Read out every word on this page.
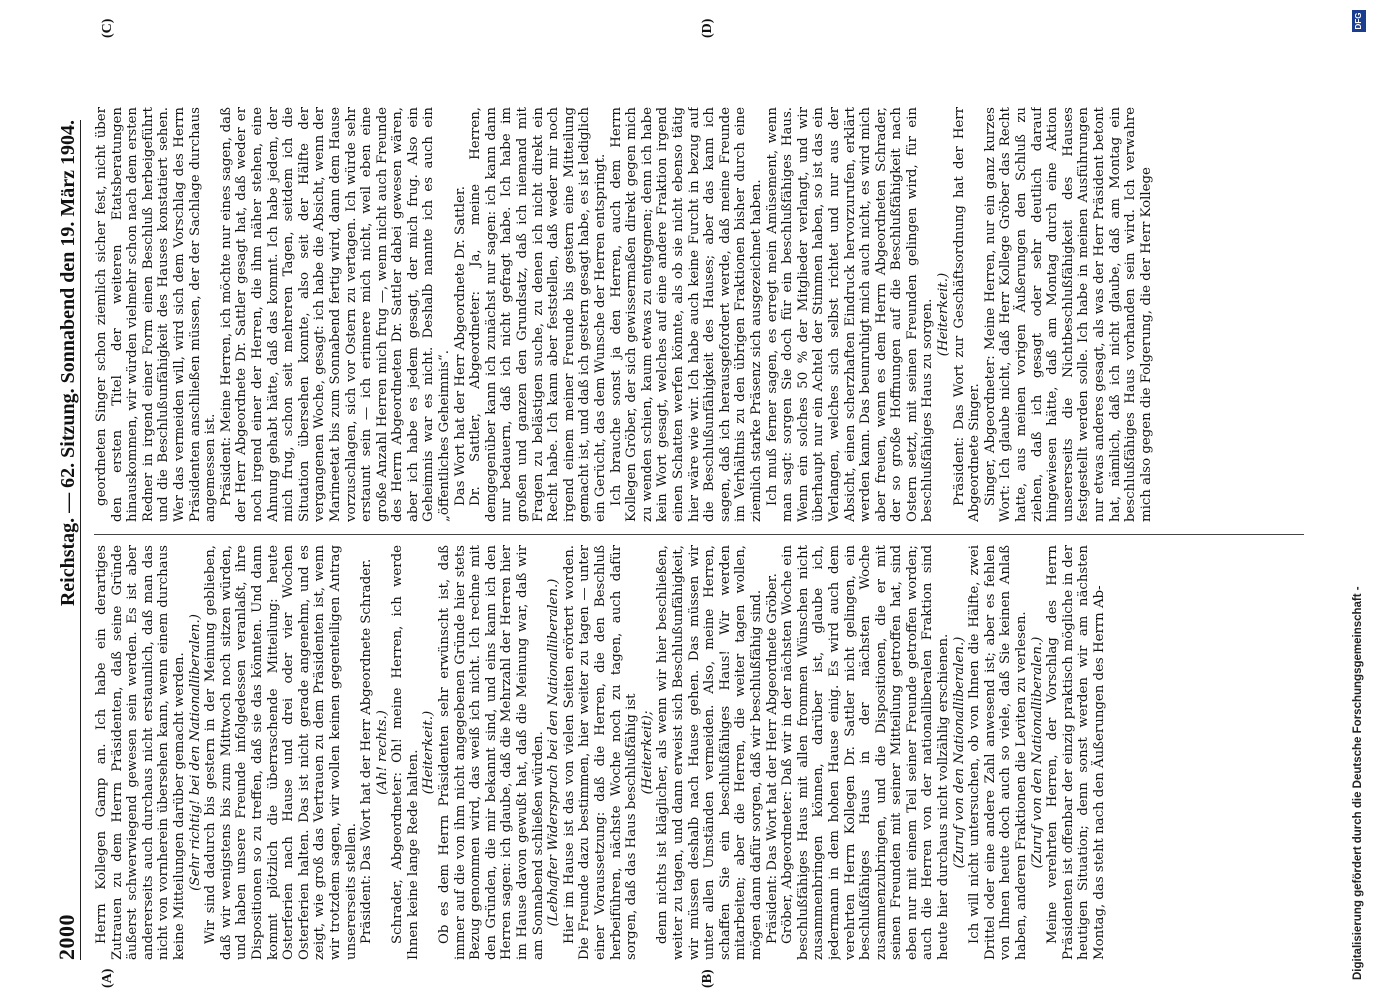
2000
Reichstag. — 62. Sitzung. Sonnabend den 19. März 1904.
(A)	(B)
(C)	(D)

Herrn Kollegen Gamp an. Ich habe ein derartiges Zutrauen zu dem Herrn Präsidenten, daß seine Gründe äußerst schwerwiegend gewesen sein werden. Es ist aber andererseits auch durchaus nicht erstaunlich, daß man das nicht von vornherein übersehen kann, wenn einem durchaus keine Mitteilungen darüber gemacht werden. (Sehr richtig! bei den Nationalliberalen.) Wir sind dadurch bis gestern in der Meinung geblieben, daß wir wenigstens bis zum Mittwoch noch sitzen würden, und haben unsere Freunde infolgedessen veranlaßt, ihre Dispositionen so zu treffen, daß sie das könnten. Und dann kommt plötzlich die überraschende Mitteilung: heute Osterferien nach Hause und drei oder vier Wochen Osterferien halten. Das ist nicht gerade angenehm, und es zeigt, wie groß das Vertrauen zu dem Präsidenten ist, wenn wir trotzdem sagen, wir wollen keinen gegenteiligen Antrag unsererseits stellen. Präsident: Das Wort hat der Herr Abgeordnete Schrader. (Ah! rechts.) Schrader, Abgeordneter: Oh! meine Herren, ich werde Ihnen keine lange Rede halten. (Heiterkeit.) Ob es dem Herrn Präsidenten sehr erwünscht ist, daß immer auf die von ihm nicht angegebenen Gründe hier stets Bezug genommen wird, das weiß ich nicht. Ich rechne mit den Gründen, die mir bekannt sind, und eins kann ich den Herren sagen: ich glaube, daß die Mehrzahl der Herren hier im Hause davon gewußt hat, daß die Meinung war, daß wir am Sonnabend schließen würden. (Lebhafter Widerspruch bei den Nationalliberalen.) Hier im Hause ist das von vielen Seiten erörtert worden. Die Freunde dazu bestimmen, hier weiter zu tagen — unter einer Voraussetzung: daß die Herren, die den Beschluß herbeiführen, nächste Woche noch zu tagen, auch dafür sorgen, daß das Haus beschlußfähig ist (Heiterkeit); denn nichts ist kläglicher, als wenn wir hier beschließen, weiter zu tagen, und dann erweist sich Beschlußunfähigkeit, wir müssen deshalb nach Hause gehen. Das müssen wir unter allen Umständen vermeiden. Also, meine Herren, schaffen Sie ein beschlußfähiges Haus! Wir werden mitarbeiten; aber die Herren, die weiter tagen wollen, mögen dann dafür sorgen, daß wir beschlußfähig sind. Präsident: Das Wort hat der Herr Abgeordnete Gröber. Gröber, Abgeordneter: Daß wir in der nächsten Woche ein beschlußfähiges Haus mit allen frommen Wünschen nicht zusammenbringen können, darüber ist, glaube ich, jedermann in dem hohen Hause einig. Es wird auch dem verehrten Herrn Kollegen Dr. Sattler nicht gelingen, ein beschlußfähiges Haus in der nächsten Woche zusammenzubringen, und die Dispositionen, die er mit seinen Freunden mit seiner Mitteilung getroffen hat, sind eben nur mit einem Teil seiner Freunde getroffen worden; auch die Herren von der nationalliberalen Fraktion sind heute hier durchaus nicht vollzählig erschienen. (Zuruf von den Nationalliberalen.) Ich will nicht untersuchen, ob von Ihnen die Hälfte, zwei Drittel oder eine andere Zahl anwesend ist; aber es fehlen von Ihnen heute doch auch so viele, daß Sie keinen Anlaß haben, anderen Fraktionen die Leviten zu verlesen. (Zuruf von den Nationalliberalen.) Meine verehrten Herren, der Vorschlag des Herrn Präsidenten ist offenbar der einzig praktisch mögliche in der heutigen Situation; denn sonst werden wir am nächsten Montag, das steht nach den Äußerungen des Herrn Ab-

geordneten Singer schon ziemlich sicher fest, nicht über den ersten Titel der weiteren Etatsberatungen hinauskommen, wir würden vielmehr schon nach dem ersten Redner in irgend einer Form einen Beschluß herbeigeführt und die Beschlußunfähigkeit des Hauses konstatiert sehen. Wer das vermeiden will, wird sich dem Vorschlag des Herrn Präsidenten anschließen müssen, der der Sachlage durchaus angemessen ist. Präsident: Meine Herren, ich möchte nur eines sagen, daß der Herr Abgeordnete Dr. Sattler gesagt hat, daß weder er noch irgend einer der Herren, die ihm näher stehen, eine Ahnung gehabt hätte, daß das kommt. Ich habe jedem, der mich frug, schon seit mehreren Tagen, seitdem ich die Situation übersehen konnte, also seit der Hälfte der vergangenen Woche, gesagt: ich habe die Absicht, wenn der Marineetat bis zum Sonnabend fertig wird, dann dem Hause vorzuschlagen, sich vor Ostern zu vertagen. Ich würde sehr erstaunt sein — ich erinnere mich nicht, weil eben eine große Anzahl Herren mich frug —, wenn nicht auch Freunde des Herrn Abgeordneten Dr. Sattler dabei gewesen wären, aber ich habe es jedem gesagt, der mich frug. Also ein Geheimnis war es nicht. Deshalb nannte ich es auch ein „öffentliches Geheimnis“. Das Wort hat der Herr Abgeordnete Dr. Sattler. Dr. Sattler, Abgeordneter: Ja, meine Herren, demgegenüber kann ich zunächst nur sagen: ich kann dann nur bedauern, daß ich nicht gefragt habe. Ich habe im großen und ganzen den Grundsatz, daß ich niemand mit Fragen zu belästigen suche, zu denen ich nicht direkt ein Recht habe. Ich kann aber feststellen, daß weder mir noch irgend einem meiner Freunde bis gestern eine Mitteilung gemacht ist, und daß ich gestern gesagt habe, es ist lediglich ein Gerücht, das dem Wunsche der Herren entspringt. Ich brauche sonst ja den Herren, auch dem Herrn Kollegen Gröber, der sich gewissermaßen direkt gegen mich zu wenden schien, kaum etwas zu entgegnen; denn ich habe kein Wort gesagt, welches auf eine andere Fraktion irgend einen Schatten werfen könnte, als ob sie nicht ebenso tätig hier wäre wie wir. Ich habe auch keine Furcht in bezug auf die Beschlußunfähigkeit des Hauses; aber das kann ich sagen, daß ich herausgefordert werde, daß meine Freunde im Verhältnis zu den übrigen Fraktionen bisher durch eine ziemlich starke Präsenz sich ausgezeichnet haben. Ich muß ferner sagen, es erregt mein Amüsement, wenn man sagt: sorgen Sie doch für ein beschlußfähiges Haus. Wenn ein solches 50 % der Mitglieder verlangt, und wir überhaupt nur ein Achtel der Stimmen haben, so ist das ein Verlangen, welches sich selbst richtet und nur aus der Absicht, einen scherzhaften Eindruck hervorzurufen, erklärt werden kann. Das beunruhigt mich auch nicht, es wird mich aber freuen, wenn es dem Herrn Abgeordneten Schrader, der so große Hoffnungen auf die Beschlußfähigkeit nach Ostern setzt, mit seinen Freunden gelingen wird, für ein beschlußfähiges Haus zu sorgen. (Heiterkeit.) Präsident: Das Wort zur Geschäftsordnung hat der Herr Abgeordnete Singer. Singer, Abgeordneter: Meine Herren, nur ein ganz kurzes Wort: Ich glaube nicht, daß Herr Kollege Gröber das Recht hatte, aus meinen vorigen Äußerungen den Schluß zu ziehen, daß ich gesagt oder sehr deutlich darauf hingewiesen hätte, daß am Montag durch eine Aktion unsererseits die Nichtbeschlußfähigkeit des Hauses festgestellt werden solle. Ich habe in meinen Ausführungen nur etwas anderes gesagt, als was der Herr Präsident betont hat, nämlich, daß ich nicht glaube, daß am Montag ein beschlußfähiges Haus vorhanden sein wird. Ich verwahre mich also gegen die Folgerung, die der Herr Kollege

Digitalisierung gefördert durch die Deutsche Forschungsgemeinschaft -
DFG
